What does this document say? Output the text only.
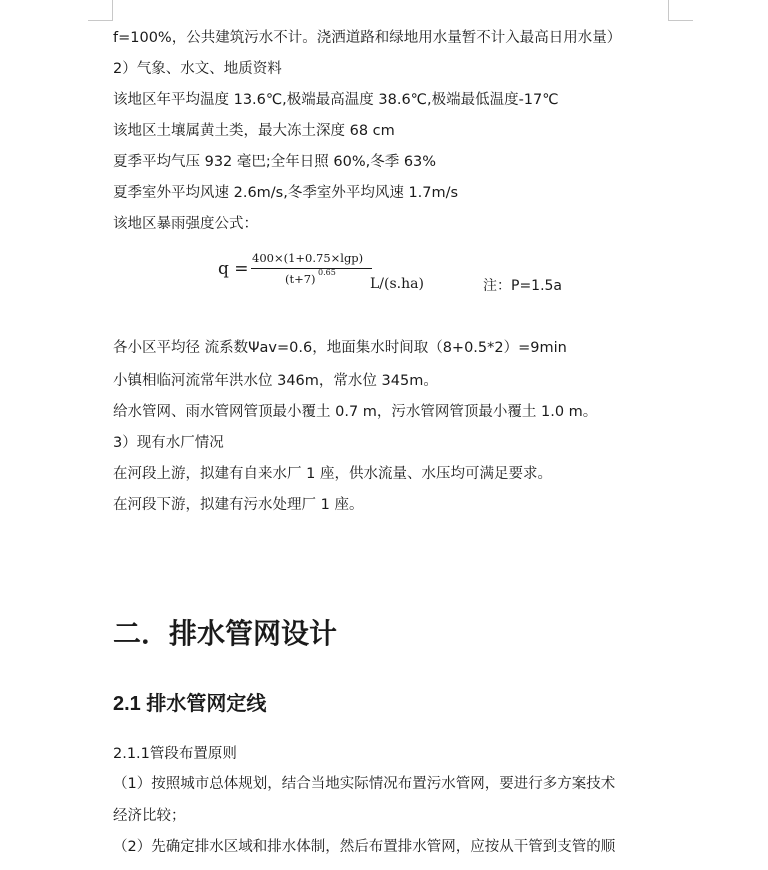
f=100%，公共建筑污水不计。浇洒道路和绿地用水量暂不计入最高日用水量）
2）气象、水文、地质资料
该地区年平均温度 13.6℃,极端最高温度 38.6℃,极端最低温度-17℃
该地区土壤属黄土类，最大冻土深度 68 cm
夏季平均气压 932 毫巴;全年日照 60%,冬季 63%
夏季室外平均风速 2.6m/s,冬季室外平均风速 1.7m/s
该地区暴雨强度公式：
q =
400×(1+0.75×lgp)
(t+7) 0.65
L/(s.ha)	注：P=1.5a
各小区平均径 流系数Ψav=0.6，地面集水时间取（8+0.5*2）=9min
小镇相临河流常年洪水位 346m，常水位 345m。
给水管网、雨水管网管顶最小覆土 0.7 m，污水管网管顶最小覆土 1.0 m。
3）现有水厂情况
在河段上游，拟建有自来水厂 1 座，供水流量、水压均可满足要求。
在河段下游，拟建有污水处理厂 1 座。
二．排水管网设计
2.1 排水管网定线
2.1.1管段布置原则
（1）按照城市总体规划，结合当地实际情况布置污水管网，要进行多方案技术
经济比较；
（2）先确定排水区域和排水体制，然后布置排水管网，应按从干管到支管的顺
